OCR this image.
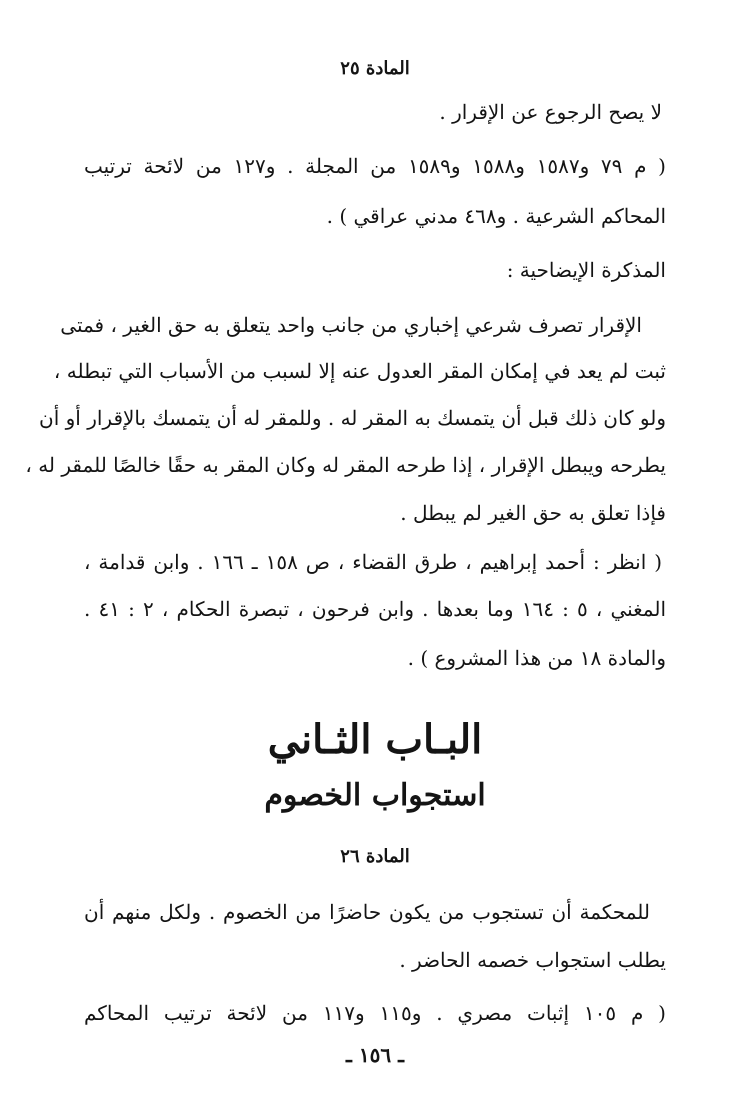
المادة ٢٥
لا يصح الرجوع عن الإقرار .
( م ٧٩ و١٥٨٧ و١٥٨٨ و١٥٨٩ من المجلة . و١٢٧ من لائحة ترتيب
المحاكم الشرعية . و٤٦٨ مدني عراقي ) .
المذكرة الإيضاحية :
الإقرار تصرف شرعي إخباري من جانب واحد يتعلق به حق الغير ، فمتى
ثبت لم يعد في إمكان المقر العدول عنه إلا لسبب من الأسباب التي تبطله ،
ولو كان ذلك قبل أن يتمسك به المقر له . وللمقر له أن يتمسك بالإقرار أو أن
يطرحه ويبطل الإقرار ، إذا طرحه المقر له وكان المقر به حقًا خالصًا للمقر له ،
فإذا تعلق به حق الغير لم يبطل .
( انظر : أحمد إبراهيم ، طرق القضاء ، ص ١٥٨ ـ ١٦٦ . وابن قدامة ،
المغني ، ٥ : ١٦٤ وما بعدها . وابن فرحون ، تبصرة الحكام ، ٢ : ٤١ .
والمادة ١٨ من هذا المشروع ) .
البـاب الثـاني
استجواب الخصوم
المادة ٢٦
للمحكمة أن تستجوب من يكون حاضرًا من الخصوم . ولكل منهم أن
يطلب استجواب خصمه الحاضر .
( م ١٠٥ إثبات مصري . و١١٥ و١١٧ من لائحة ترتيب المحاكم
ـ ١٥٦ ـ
